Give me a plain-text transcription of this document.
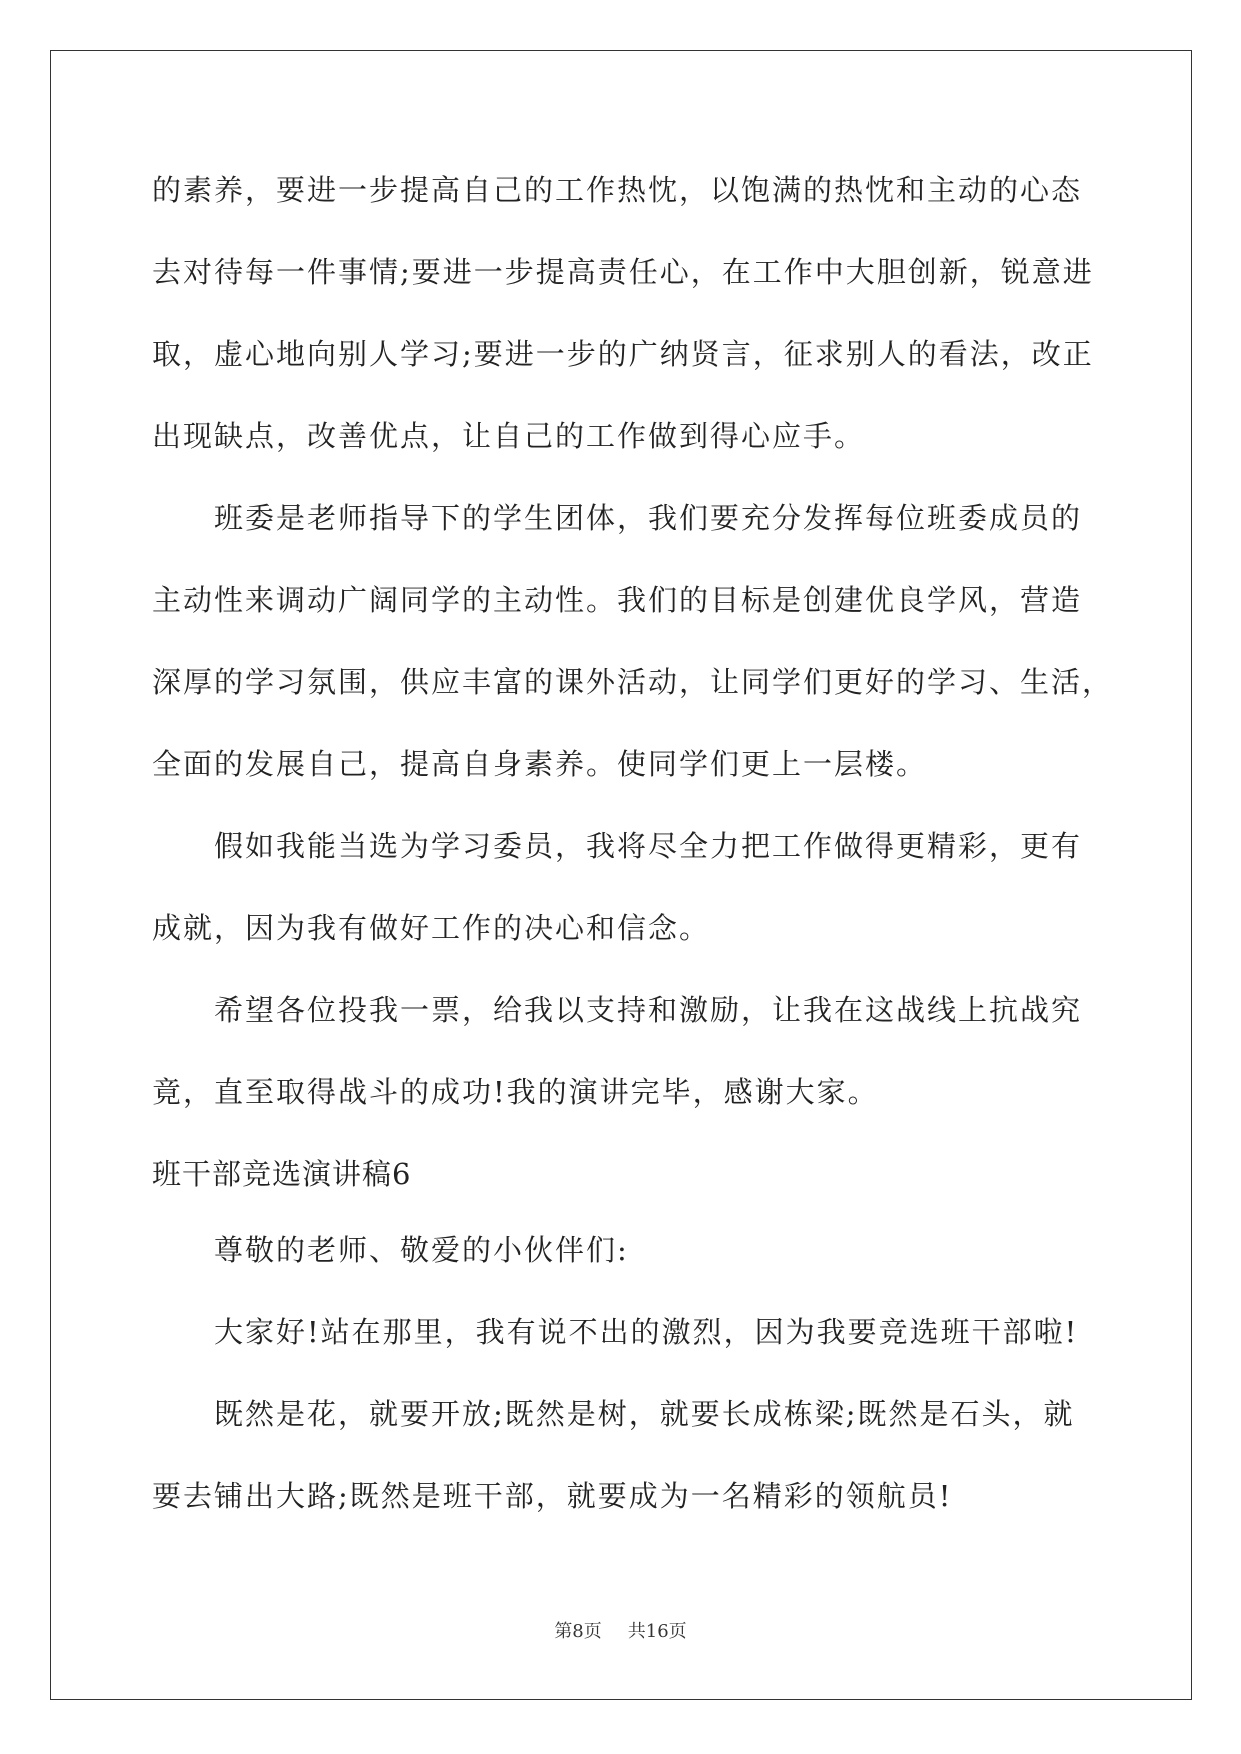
的素养，要进一步提高自己的工作热忱，以饱满的热忱和主动的心态
去对待每一件事情;要进一步提高责任心，在工作中大胆创新，锐意进
取，虚心地向别人学习;要进一步的广纳贤言，征求别人的看法，改正
出现缺点，改善优点，让自己的工作做到得心应手。
班委是老师指导下的学生团体，我们要充分发挥每位班委成员的
主动性来调动广阔同学的主动性。我们的目标是创建优良学风，营造
深厚的学习氛围，供应丰富的课外活动，让同学们更好的学习、生活，
全面的发展自己，提高自身素养。使同学们更上一层楼。
假如我能当选为学习委员，我将尽全力把工作做得更精彩，更有
成就，因为我有做好工作的决心和信念。
希望各位投我一票，给我以支持和激励，让我在这战线上抗战究
竟，直至取得战斗的成功!我的演讲完毕，感谢大家。
班干部竞选演讲稿6
尊敬的老师、敬爱的小伙伴们:
大家好!站在那里，我有说不出的激烈，因为我要竞选班干部啦!
既然是花，就要开放;既然是树，就要长成栋梁;既然是石头，就
要去铺出大路;既然是班干部，就要成为一名精彩的领航员!
第8页 共16页
